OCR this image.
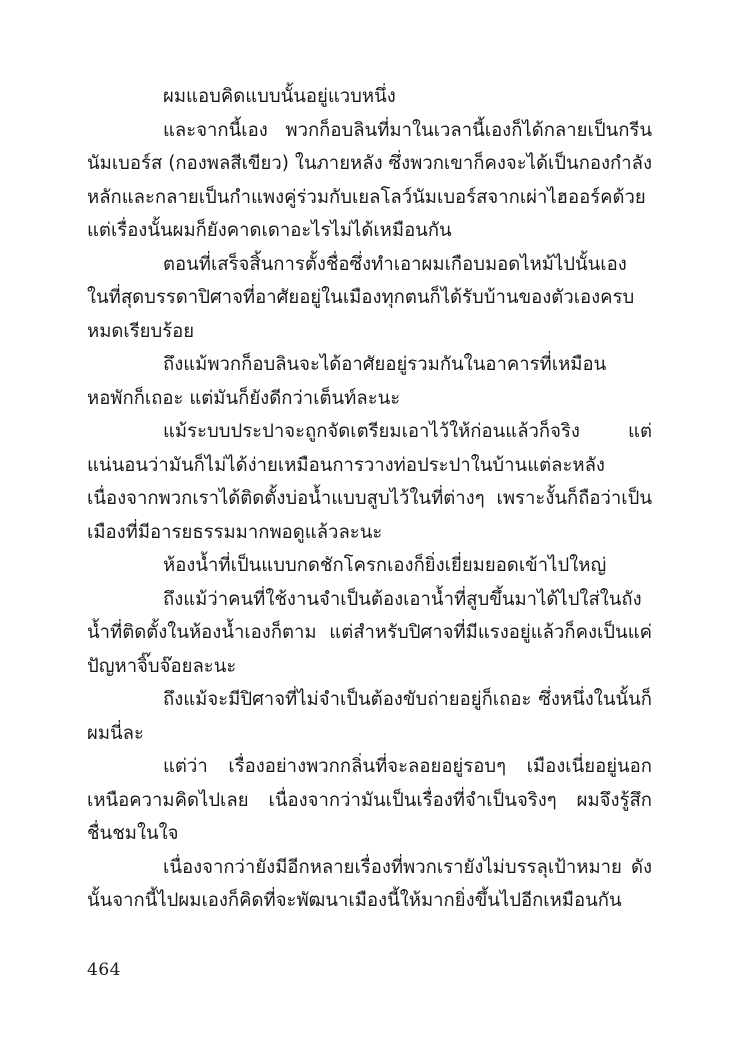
ผมแอบคิดแบบนั้นอยู่แวบหนึ่ง

และจากนี้เอง พวกก็อบลินที่มาในเวลานี้เองก็ได้กลายเป็นกรีนนัมเบอร์ส (กองพลสีเขียว) ในภายหลัง ซึ่งพวกเขาก็คงจะได้เป็นกองกำลังหลักและกลายเป็นกำแพงคู่ร่วมกับเยลโลว์นัมเบอร์สจากเผ่าไฮออร์คด้วย แต่เรื่องนั้นผมก็ยังคาดเดาอะไรไม่ได้เหมือนกัน

ตอนที่เสร็จสิ้นการตั้งชื่อซึ่งทำเอาผมเกือบมอดไหม้ไปนั้นเอง ในที่สุดบรรดาปิศาจที่อาศัยอยู่ในเมืองทุกตนก็ได้รับบ้านของตัวเองครบหมดเรียบร้อย

ถึงแม้พวกก็อบลินจะได้อาศัยอยู่รวมกันในอาคารที่เหมือนหอพักก็เถอะ แต่มันก็ยังดีกว่าเต็นท์ละนะ

แม้ระบบประปาจะถูกจัดเตรียมเอาไว้ให้ก่อนแล้วก็จริง แต่แน่นอนว่ามันก็ไม่ได้ง่ายเหมือนการวางท่อประปาในบ้านแต่ละหลัง เนื่องจากพวกเราได้ติดตั้งบ่อน้ำแบบสูบไว้ในที่ต่างๆ เพราะงั้นก็ถือว่าเป็นเมืองที่มีอารยธรรมมากพอดูแล้วละนะ

ห้องน้ำที่เป็นแบบกดชักโครกเองก็ยิ่งเยี่ยมยอดเข้าไปใหญ่

ถึงแม้ว่าคนที่ใช้งานจำเป็นต้องเอาน้ำที่สูบขึ้นมาได้ไปใส่ในถังน้ำที่ติดตั้งในห้องน้ำเองก็ตาม แต่สำหรับปิศาจที่มีแรงอยู่แล้วก็คงเป็นแค่ปัญหาจิ๊บจ๊อยละนะ

ถึงแม้จะมีปิศาจที่ไม่จำเป็นต้องขับถ่ายอยู่ก็เถอะ ซึ่งหนึ่งในนั้นก็ผมนี่ละ

แต่ว่า เรื่องอย่างพวกกลิ่นที่จะลอยอยู่รอบๆ เมืองเนี่ยอยู่นอกเหนือความคิดไปเลย เนื่องจากว่ามันเป็นเรื่องที่จำเป็นจริงๆ ผมจึงรู้สึกชื่นชมในใจ

เนื่องจากว่ายังมีอีกหลายเรื่องที่พวกเรายังไม่บรรลุเป้าหมาย ดังนั้นจากนี้ไปผมเองก็คิดที่จะพัฒนาเมืองนี้ให้มากยิ่งขึ้นไปอีกเหมือนกัน

464
